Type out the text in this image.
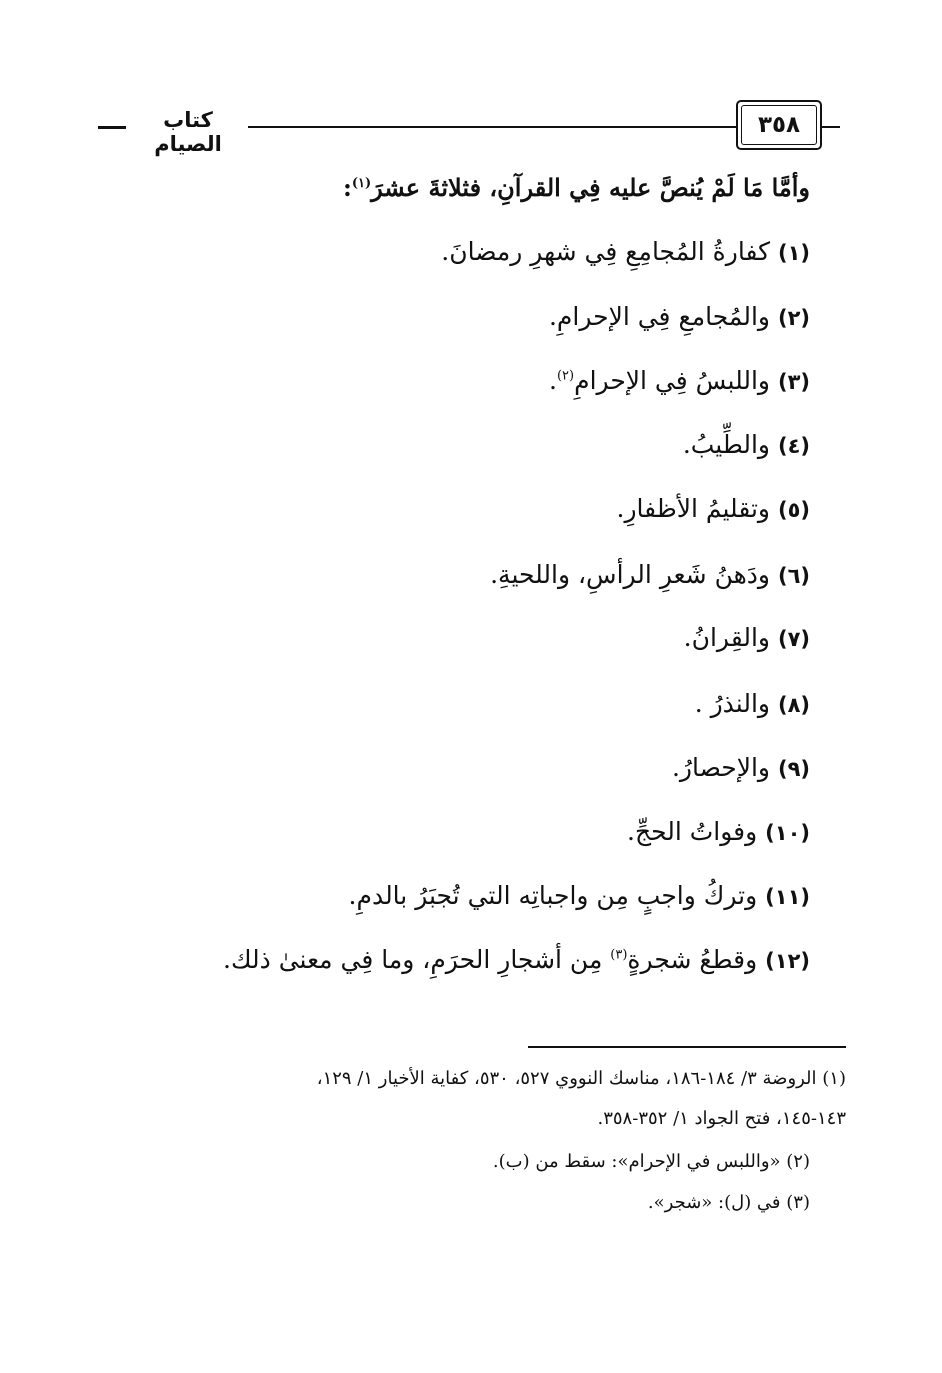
كتاب الصيام
٣٥٨
وأمَّا مَا لَمْ يُنصَّ عليه فِي القرآنِ، فثلاثةَ عشرَ$^{(١)}$:
(١) كفارةُ المُجامِعِ فِي شهرِ رمضانَ.
(٢) والمُجامعِ فِي الإحرامِ.
(٣) واللبسُ فِي الإحرامِ$^{(٢)}$.
(٤) والطِّيبُ.
(٥) وتقليمُ الأظفارِ.
(٦) ودَهنُ شَعرِ الرأسِ، واللحيةِ.
(٧) والقِرانُ.
(٨) والنذرُ .
(٩) والإحصارُ.
(١٠) وفواتُ الحجِّ.
(١١) وتركُ واجبٍ مِن واجباتِه التي تُجبَرُ بالدمِ.
(١٢) وقطعُ شجرةٍ$^{(٣)}$ مِن أشجارِ الحرَمِ، وما فِي معنىٰ ذلك.
(١) الروضة ٣/ ١٨٤-١٨٦، مناسك النووي ٥٢٧، ٥٣٠، كفاية الأخيار ١/ ١٢٩،
١٤٣-١٤٥، فتح الجواد ١/ ٣٥٢-٣٥٨.
(٢) «واللبس في الإحرام»: سقط من (ب).
(٣) في (ل): «شجر».
